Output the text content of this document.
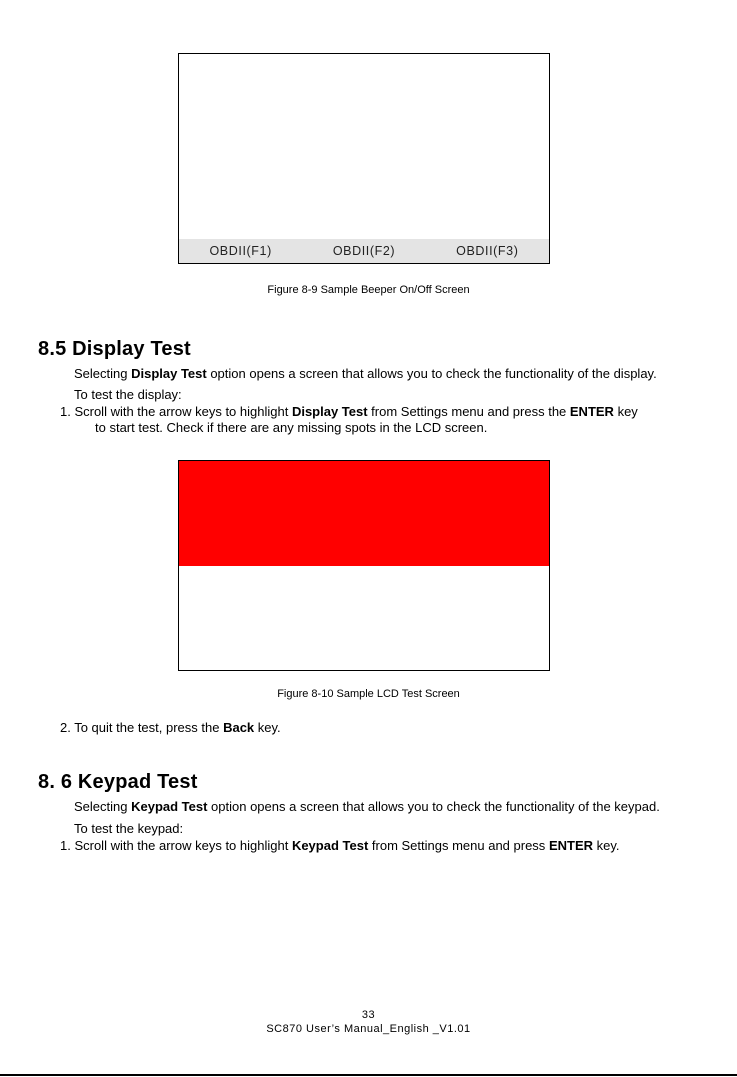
OBDII(F1)	OBDII(F2)	OBDII(F3)
Figure 8-9 Sample Beeper On/Off Screen
8.5 Display Test
Selecting Display Test option opens a screen that allows you to check the functionality of the display.
To test the display:
1. Scroll with the arrow keys to highlight Display Test from Settings menu and press the ENTER key
to start test. Check if there are any missing spots in the LCD screen.
Figure 8-10 Sample LCD Test Screen
2. To quit the test, press the Back key.
8. 6 Keypad Test
Selecting Keypad Test option opens a screen that allows you to check the functionality of the keypad.
To test the keypad:
1. Scroll with the arrow keys to highlight Keypad Test from Settings menu and press ENTER key.
33
SC870 User’s Manual_English _V1.01
